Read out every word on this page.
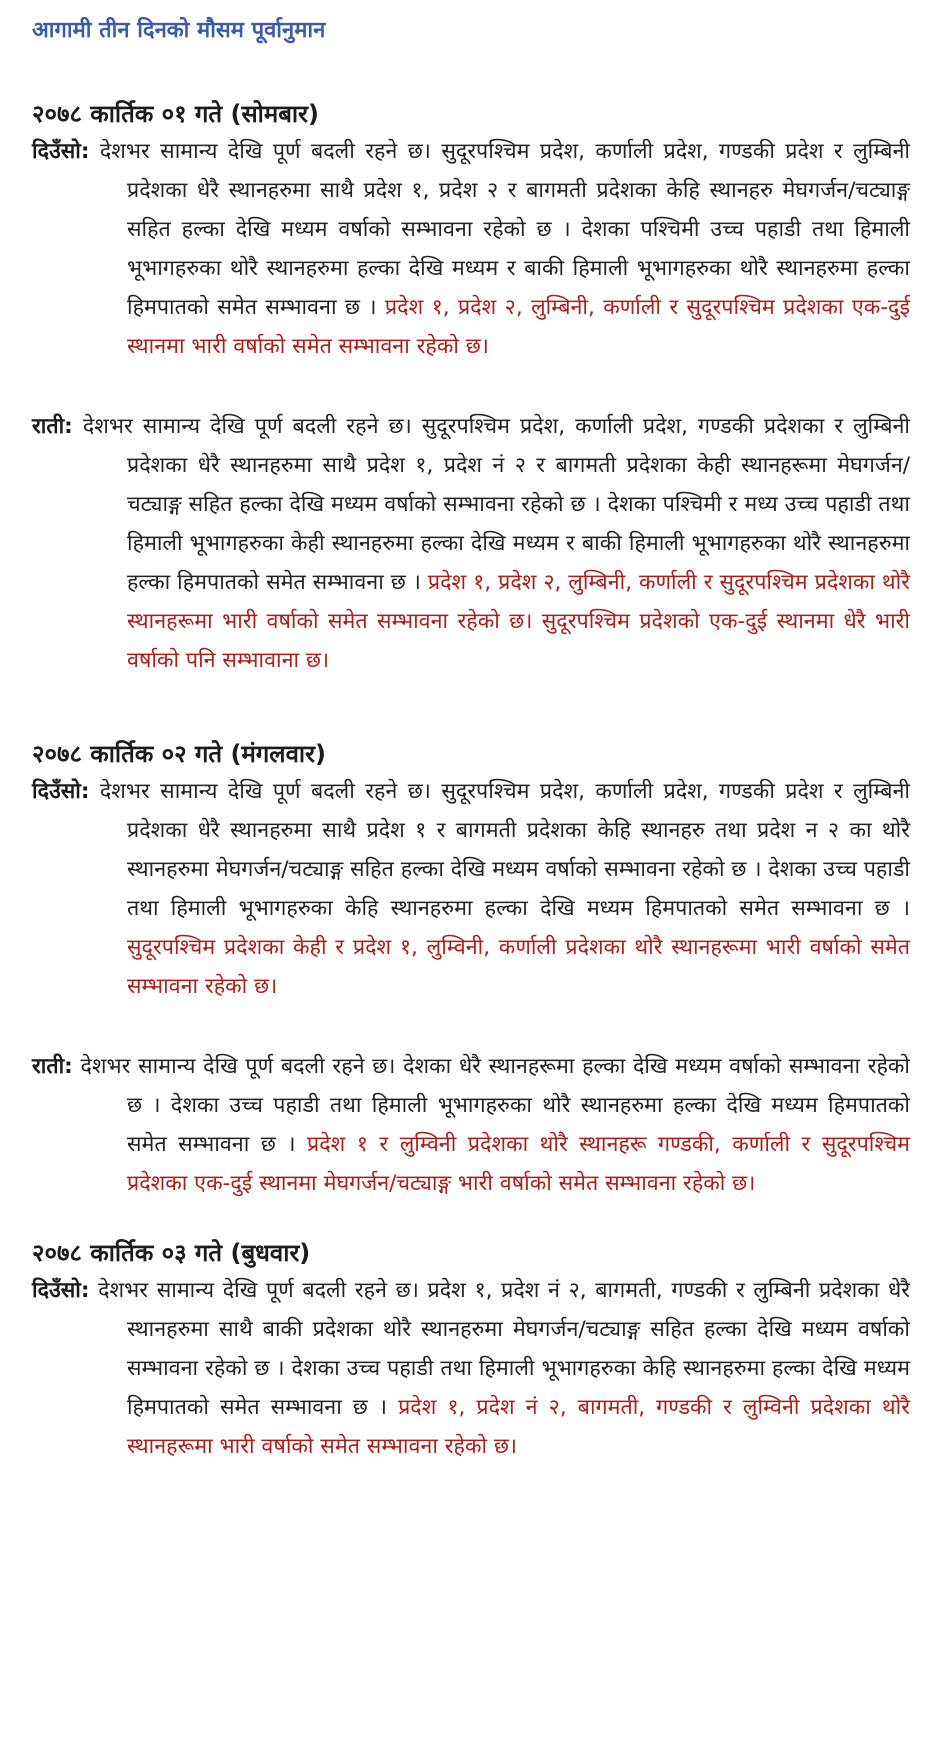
आगामी तीन दिनको मौसम पूर्वानुमान
२०७८ कार्तिक ०१ गते (सोमबार)

दिउँसो: देशभर सामान्य देखि पूर्ण बदली रहने छ। सुदूरपश्चिम प्रदेश, कर्णाली प्रदेश, गण्डकी प्रदेश र लुम्बिनी प्रदेशका धेरै स्थानहरुमा साथै प्रदेश १, प्रदेश २ र बागमती प्रदेशका केहि स्थानहरु मेघगर्जन/चट्याङ्ग सहित हल्का देखि मध्यम वर्षाको सम्भावना रहेको छ । देशका पश्चिमी उच्च पहाडी तथा हिमाली भूभागहरुका थोरै स्थानहरुमा हल्का देखि मध्यम र बाकी हिमाली भूभागहरुका थोरै स्थानहरुमा हल्का हिमपातको समेत सम्भावना छ । प्रदेश १, प्रदेश २, लुम्बिनी, कर्णाली र सुदूरपश्चिम प्रदेशका एक-दुई स्थानमा भारी वर्षाको समेत सम्भावना रहेको छ।

राती: देशभर सामान्य देखि पूर्ण बदली रहने छ। सुदूरपश्चिम प्रदेश, कर्णाली प्रदेश, गण्डकी प्रदेशका र लुम्बिनी प्रदेशका धेरै स्थानहरुमा साथै प्रदेश १, प्रदेश नं २ र बागमती प्रदेशका केही स्थानहरूमा मेघगर्जन/चट्याङ्ग सहित हल्का देखि मध्यम वर्षाको सम्भावना रहेको छ । देशका पश्चिमी र मध्य उच्च पहाडी तथा हिमाली भूभागहरुका केही स्थानहरुमा हल्का देखि मध्यम र बाकी हिमाली भूभागहरुका थोरै स्थानहरुमा हल्का हिमपातको समेत सम्भावना छ । प्रदेश १, प्रदेश २, लुम्बिनी, कर्णाली र सुदूरपश्चिम प्रदेशका थोरै स्थानहरूमा भारी वर्षाको समेत सम्भावना रहेको छ। सुदूरपश्चिम प्रदेशको एक-दुई स्थानमा धेरै भारी वर्षाको पनि सम्भावाना छ।

२०७८ कार्तिक ०२ गते (मंगलवार)

दिउँसो: देशभर सामान्य देखि पूर्ण बदली रहने छ। सुदूरपश्चिम प्रदेश, कर्णाली प्रदेश, गण्डकी प्रदेश र लुम्बिनी प्रदेशका धेरै स्थानहरुमा साथै प्रदेश १ र बागमती प्रदेशका केहि स्थानहरु तथा प्रदेश न २ का थोरै स्थानहरुमा मेघगर्जन/चट्याङ्ग सहित हल्का देखि मध्यम वर्षाको सम्भावना रहेको छ । देशका उच्च पहाडी तथा हिमाली भूभागहरुका केहि स्थानहरुमा हल्का देखि मध्यम हिमपातको समेत सम्भावना छ । सुदूरपश्चिम प्रदेशका केही र प्रदेश १, लुम्विनी, कर्णाली प्रदेशका थोरै स्थानहरूमा भारी वर्षाको समेत सम्भावना रहेको छ।

राती: देशभर सामान्य देखि पूर्ण बदली रहने छ। देशका धेरै स्थानहरूमा हल्का देखि मध्यम वर्षाको सम्भावना रहेको छ । देशका उच्च पहाडी तथा हिमाली भूभागहरुका थोरै स्थानहरुमा हल्का देखि मध्यम हिमपातको समेत सम्भावना छ । प्रदेश १ र लुम्विनी प्रदेशका थोरै स्थानहरू गण्डकी, कर्णाली र सुदूरपश्चिम प्रदेशका एक-दुई स्थानमा मेघगर्जन/चट्याङ्ग भारी वर्षाको समेत सम्भावना रहेको छ।

२०७८ कार्तिक ०३ गते (बुधवार)

दिउँसो: देशभर सामान्य देखि पूर्ण बदली रहने छ। प्रदेश १, प्रदेश नं २, बागमती, गण्डकी र लुम्बिनी प्रदेशका धेरै स्थानहरुमा साथै बाकी प्रदेशका थोरै स्थानहरुमा मेघगर्जन/चट्याङ्ग सहित हल्का देखि मध्यम वर्षाको सम्भावना रहेको छ । देशका उच्च पहाडी तथा हिमाली भूभागहरुका केहि स्थानहरुमा हल्का देखि मध्यम हिमपातको समेत सम्भावना छ । प्रदेश १, प्रदेश नं २, बागमती, गण्डकी र लुम्विनी प्रदेशका थोरै स्थानहरूमा भारी वर्षाको समेत सम्भावना रहेको छ।
